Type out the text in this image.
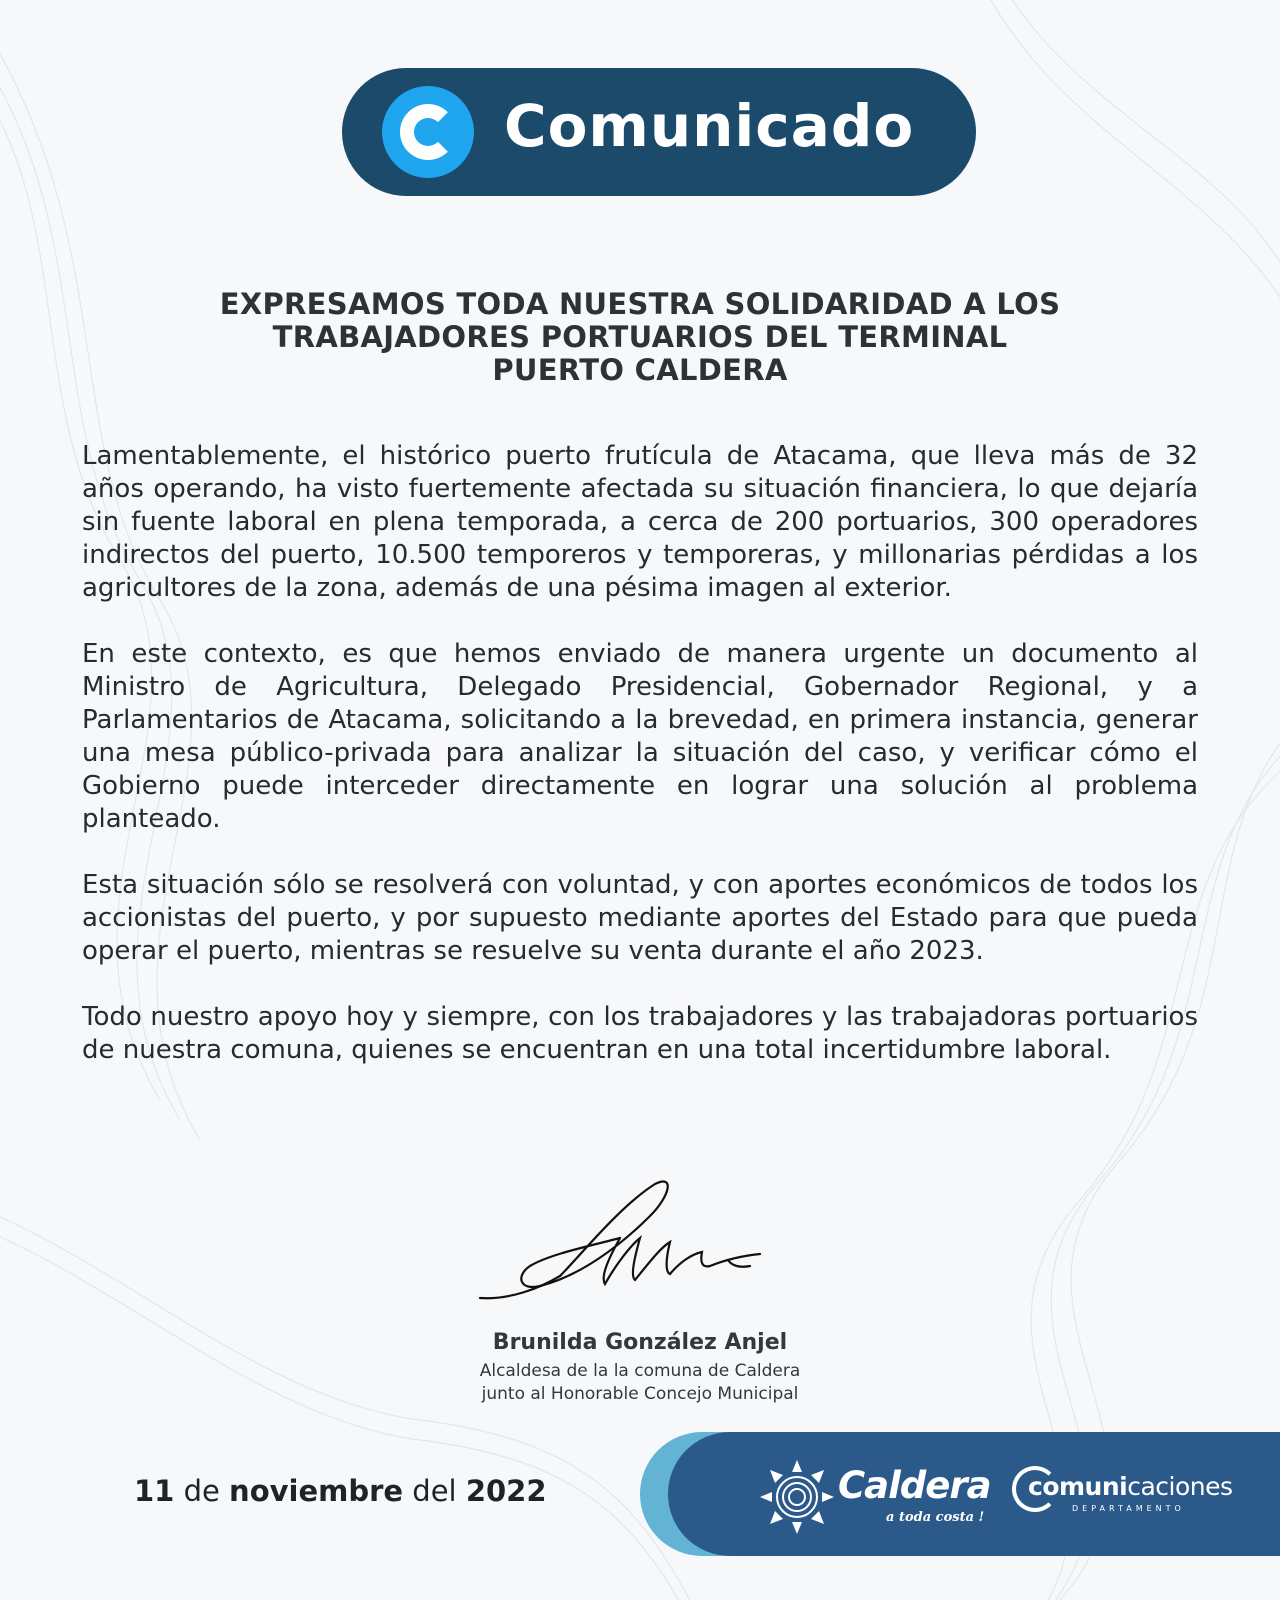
Comunicado
EXPRESAMOS TODA NUESTRA SOLIDARIDAD A LOS
TRABAJADORES PORTUARIOS DEL TERMINAL
PUERTO CALDERA

Lamentablemente, el histórico puerto frutícula de Atacama, que lleva más de 32 años operando, ha visto fuertemente afectada su situación financiera, lo que dejaría sin fuente laboral en plena temporada, a cerca de 200 portuarios, 300 operadores indirectos del puerto, 10.500 temporeros y temporeras, y millonarias pérdidas a los agricultores de la zona, además de una pésima imagen al exterior.

En este contexto, es que hemos enviado de manera urgente un documento al Ministro de Agricultura, Delegado Presidencial, Gobernador Regional, y a Parlamentarios de Atacama, solicitando a la brevedad, en primera instancia, generar una mesa público-privada para analizar la situación del caso, y verificar cómo el Gobierno puede interceder directamente en lograr una solución al problema planteado.

Esta situación sólo se resolverá con voluntad, y con aportes económicos de todos los accionistas del puerto, y por supuesto mediante aportes del Estado para que pueda operar el puerto, mientras se resuelve su venta durante el año 2023.

Todo nuestro apoyo hoy y siempre, con los trabajadores y las trabajadoras portuarios de nuestra comuna, quienes se encuentran en una total incertidumbre laboral.

Brunilda González Anjel
Alcaldesa de la la comuna de Caldera
junto al Honorable Concejo Municipal
11 de noviembre del 2022	Caldera
a toda costa !
comunicaciones
DEPARTAMENTO
